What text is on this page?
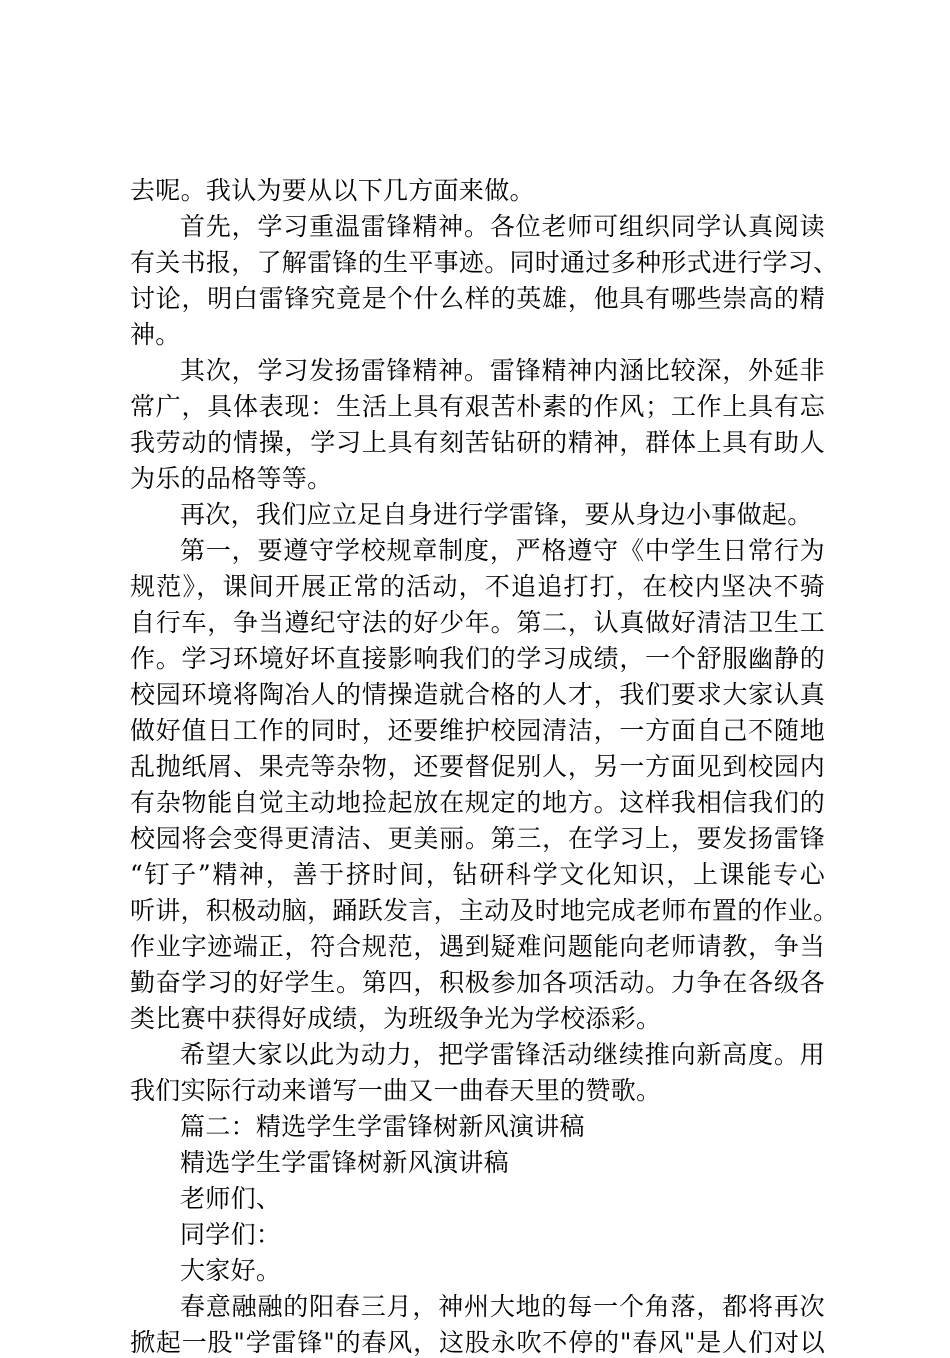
去呢。我认为要从以下几方面来做。
首先，学习重温雷锋精神。各位老师可组织同学认真阅读
有关书报，了解雷锋的生平事迹。同时通过多种形式进行学习、
讨论，明白雷锋究竟是个什么样的英雄，他具有哪些崇高的精
神。
其次，学习发扬雷锋精神。雷锋精神内涵比较深，外延非
常广，具体表现：生活上具有艰苦朴素的作风；工作上具有忘
我劳动的情操，学习上具有刻苦钻研的精神，群体上具有助人
为乐的品格等等。
再次，我们应立足自身进行学雷锋，要从身边小事做起。
第一，要遵守学校规章制度，严格遵守《中学生日常行为
规范》，课间开展正常的活动，不追追打打，在校内坚决不骑
自行车，争当遵纪守法的好少年。第二，认真做好清洁卫生工
作。学习环境好坏直接影响我们的学习成绩，一个舒服幽静的
校园环境将陶冶人的情操造就合格的人才，我们要求大家认真
做好值日工作的同时，还要维护校园清洁，一方面自己不随地
乱抛纸屑、果壳等杂物，还要督促别人，另一方面见到校园内
有杂物能自觉主动地捡起放在规定的地方。这样我相信我们的
校园将会变得更清洁、更美丽。第三，在学习上，要发扬雷锋
“钉子”精神，善于挤时间，钻研科学文化知识，上课能专心
听讲，积极动脑，踊跃发言，主动及时地完成老师布置的作业。
作业字迹端正，符合规范，遇到疑难问题能向老师请教，争当
勤奋学习的好学生。第四，积极参加各项活动。力争在各级各
类比赛中获得好成绩，为班级争光为学校添彩。
希望大家以此为动力，把学雷锋活动继续推向新高度。用
我们实际行动来谱写一曲又一曲春天里的赞歌。
篇二：精选学生学雷锋树新风演讲稿
精选学生学雷锋树新风演讲稿
老师们、
同学们：
大家好。
春意融融的阳春三月，神州大地的每一个角落，都将再次
掀起一股"学雷锋"的春风，这股永吹不停的"春风"是人们对以
